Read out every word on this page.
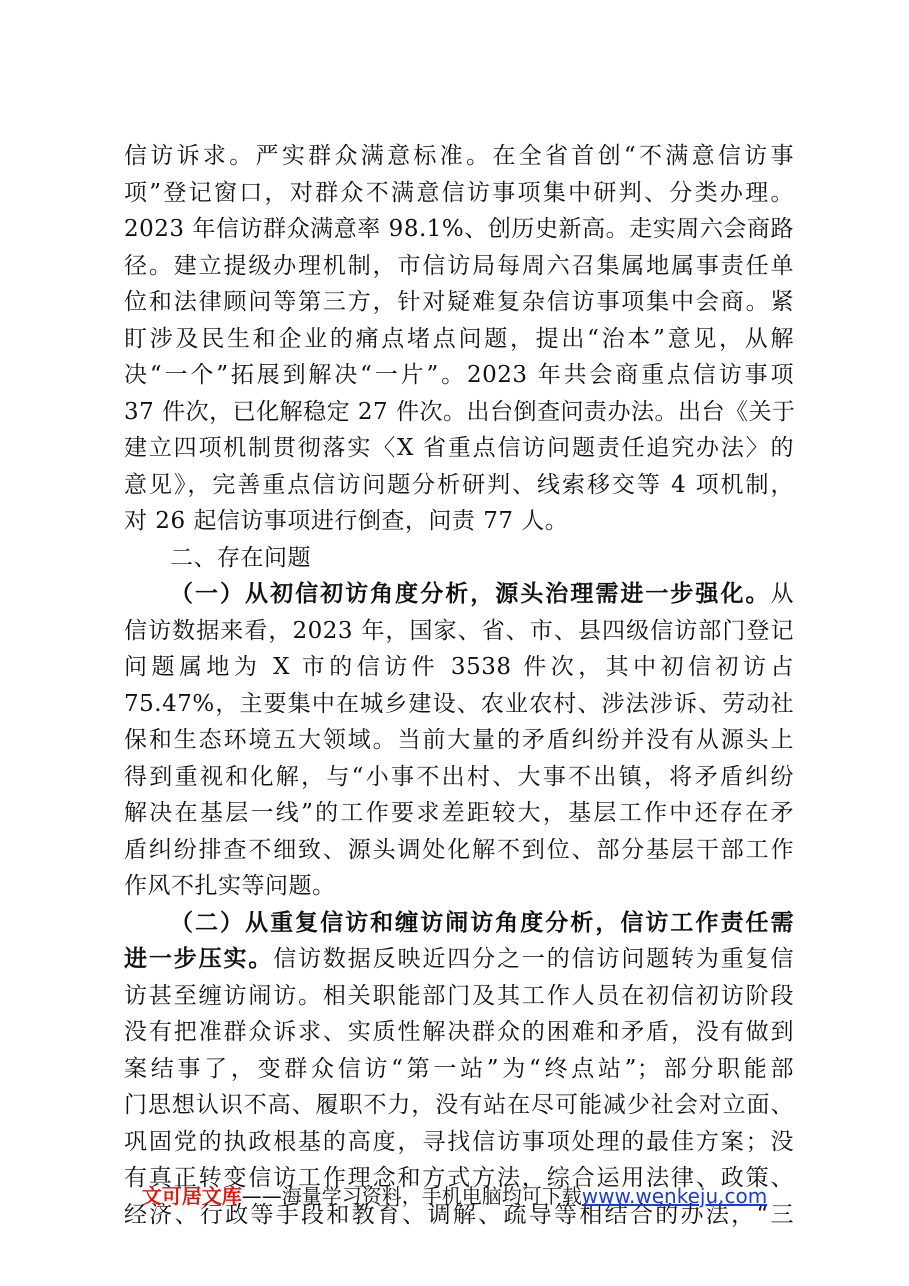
信访诉求。严实群众满意标准。在全省首创“不满意信访事
项”登记窗口，对群众不满意信访事项集中研判、分类办理。
2023 年信访群众满意率 98.1%、创历史新高。走实周六会商路
径。建立提级办理机制，市信访局每周六召集属地属事责任单
位和法律顾问等第三方，针对疑难复杂信访事项集中会商。紧
盯涉及民生和企业的痛点堵点问题，提出“治本”意见，从解
决“一个”拓展到解决“一片”。2023 年共会商重点信访事项
37 件次，已化解稳定 27 件次。出台倒查问责办法。出台《关于
建立四项机制贯彻落实〈X 省重点信访问题责任追究办法〉的
意见》，完善重点信访问题分析研判、线索移交等 4 项机制，
对 26 起信访事项进行倒查，问责 77 人。
二、存在问题
（一）从初信初访角度分析，源头治理需进一步强化。从
信访数据来看，2023 年，国家、省、市、县四级信访部门登记
问题属地为 X 市的信访件 3538 件次，其中初信初访占
75.47%，主要集中在城乡建设、农业农村、涉法涉诉、劳动社
保和生态环境五大领域。当前大量的矛盾纠纷并没有从源头上
得到重视和化解，与“小事不出村、大事不出镇，将矛盾纠纷
解决在基层一线”的工作要求差距较大，基层工作中还存在矛
盾纠纷排查不细致、源头调处化解不到位、部分基层干部工作
作风不扎实等问题。
（二）从重复信访和缠访闹访角度分析，信访工作责任需
进一步压实。信访数据反映近四分之一的信访问题转为重复信
访甚至缠访闹访。相关职能部门及其工作人员在初信初访阶段
没有把准群众诉求、实质性解决群众的困难和矛盾，没有做到
案结事了，变群众信访“第一站”为“终点站”；部分职能部
门思想认识不高、履职不力，没有站在尽可能减少社会对立面、
巩固党的执政根基的高度，寻找信访事项处理的最佳方案；没
有真正转变信访工作理念和方式方法，综合运用法律、政策、
经济、行政等手段和教育、调解、疏导等相结合的办法，“三
文可居文库——海量学习资料，手机电脑均可下载www.wenkeju.com
